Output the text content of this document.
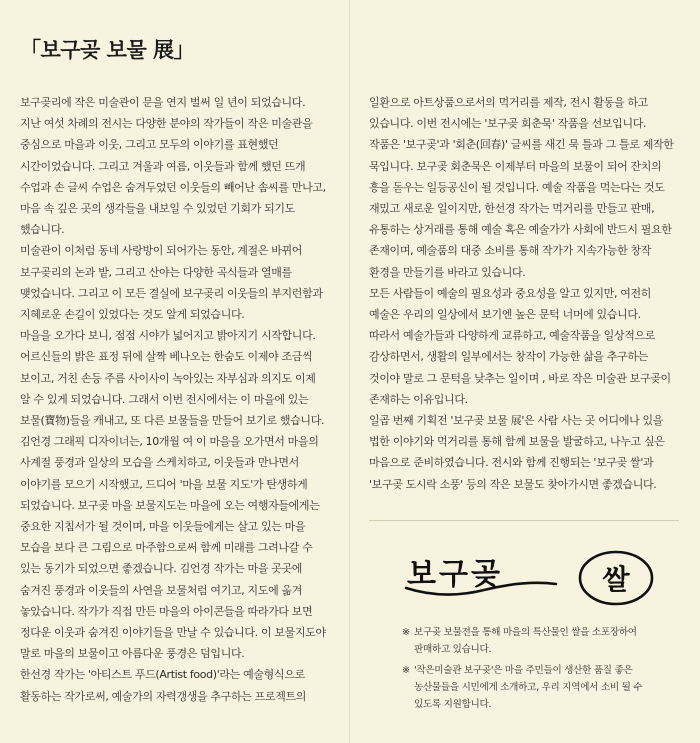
「보구곶 보물 展」
보구곶리에 작은 미술관이 문을 연지 벌써 일 년이 되었습니다.
지난 여섯 차례의 전시는 다양한 분야의 작가들이 작은 미술관을
중심으로 마을과 이웃, 그리고 모두의 이야기를 표현했던
시간이었습니다. 그리고 겨울과 여름, 이웃들과 함께 했던 뜨개
수업과 손 글씨 수업은 숨겨두었던 이웃들의 빼어난 솜씨를 만나고,
마음 속 깊은 곳의 생각들을 내보일 수 있었던 기회가 되기도
했습니다.
미술관이 이처럼 동네 사랑방이 되어가는 동안, 계절은 바뀌어
보구곶리의 논과 밭, 그리고 산야는 다양한 곡식들과 열매를
맺었습니다. 그리고 이 모든 결실에 보구곶리 이웃들의 부지런함과
지혜로운 손길이 있었다는 것도 알게 되었습니다.
마을을 오가다 보니, 점점 시야가 넓어지고 밝아지기 시작합니다.
어르신들의 밝은 표정 뒤에 살짝 베나오는 한숨도 이제야 조금씩
보이고, 거친 손등 주름 사이사이 녹아있는 자부심과 의지도 이제
알 수 있게 되었습니다. 그래서 이번 전시에서는 이 마을에 있는
보물(寶物)들을 캐내고, 또 다른 보물들을 만들어 보기로 했습니다.
김언경 그래픽 디자이너는, 10개월 여 이 마을을 오가면서 마을의
사계절 풍경과 일상의 모습을 스케치하고, 이웃들과 만나면서
이야기를 모으기 시작했고, 드디어 '마을 보물 지도'가 탄생하게
되었습니다. 보구곶 마을 보물지도는 마을에 오는 여행자들에게는
중요한 지침서가 될 것이며, 마을 이웃들에게는 살고 있는 마을
모습을 보다 큰 그림으로 마주함으로써 함께 미래를 그려나갈 수
있는 동기가 되었으면 좋겠습니다. 김언경 작가는 마을 곳곳에
숨겨진 풍경과 이웃들의 사연을 보물처럼 여기고, 지도에 옮겨
놓았습니다. 작가가 직접 만든 마을의 아이콘들을 따라가다 보면
정다운 이웃과 숨겨진 이야기들을 만날 수 있습니다. 이 보물지도야
말로 마을의 보물이고 아름다운 풍경은 덤입니다.
한선경 작가는 '아티스트 푸드(Artist food)'라는 예술형식으로
활동하는 작가로써, 예술가의 자력갱생을 추구하는 프로젝트의
일환으로 아트상품으로서의 먹거리를 제작, 전시 활동을 하고
있습니다. 이번 전시에는 '보구곶 회춘묵' 작품을 선보입니다.
작품은 '보구곶'과 '회춘(回春)' 글씨를 새긴 묵 틀과 그 틀로 제작한
묵입니다. 보구곶 회춘묵은 이제부터 마을의 보물이 되어 잔치의
흥을 돋우는 일등공신이 될 것입니다. 예술 작품을 먹는다는 것도
재밌고 새로운 일이지만, 한선경 작가는 먹거리를 만들고 판매,
유통하는 상거래를 통해 예술 혹은 예술가가 사회에 반드시 필요한
존재이며, 예술품의 대중 소비를 통해 작가가 지속가능한 창작
환경을 만들기를 바라고 있습니다.
모든 사람들이 예술의 필요성과 중요성을 알고 있지만, 여전히
예술은 우리의 일상에서 보기엔 높은 문턱 너머에 있습니다.
따라서 예술가들과 다양하게 교류하고, 예술작품을 일상적으로
감상하면서, 생활의 일부에서는 창작이 가능한 삶을 추구하는
것이야 말로 그 문턱을 낮추는 일이며 , 바로 작은 미술관 보구곶이
존재하는 이유입니다.
일곱 번째 기획전 '보구곶 보물 展'은 사람 사는 곳 어디에나 있을
법한 이야기와 먹거리를 통해 함께 보물을 발굴하고, 나누고 싶은
마음으로 준비하였습니다. 전시와 함께 진행되는 '보구곶 쌀'과
'보구곶 도시락 소풍' 등의 작은 보물도 찾아가시면 좋겠습니다.
보구곶	쌀
※ 보구곶 보물전을 통해 마을의 특산물인 쌀을 소포장하여
판매하고 있습니다.
※ '작은미술관 보구곶'은 마을 주민들이 생산한 품질 좋은
농산물들을 시민에게 소개하고, 우리 지역에서 소비 될 수
있도록 지원합니다.
